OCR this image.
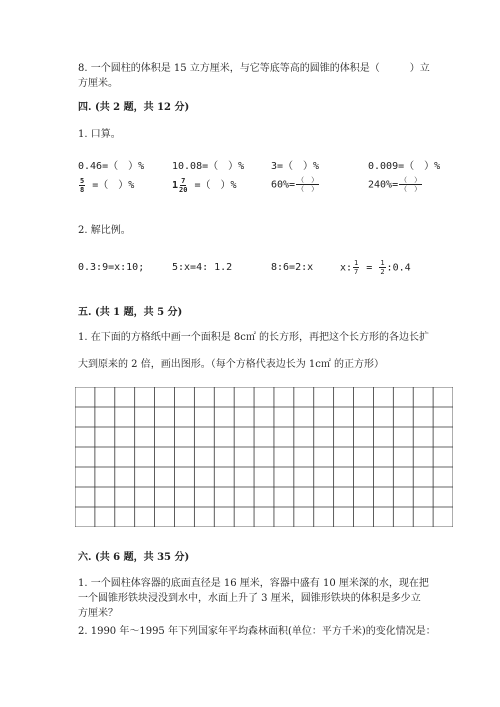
8. 一个圆柱的体积是 15 立方厘米，与它等底等高的圆锥的体积是（　　　）立
方厘米。
四. (共 2 题，共 12 分)
1. 口算。
0.46=（　）%	10.08=（　）%	3=（　）%	0.009=（　）%
$\frac{5}{8}$ =（　）%	$1 \frac{7}{20}$ =（　）%	$60\%= \frac{( )}{( )}$	$240\%= \frac{( )}{( )}$
2. 解比例。
0.3:9=x:10;	5:x=4: 1.2	8:6=2:x	x: $\frac{1}{7} = \frac{1}{2}$ :0.4
五. (共 1 题，共 5 分)
1. 在下面的方格纸中画一个面积是 8c㎡ 的长方形，再把这个长方形的各边长扩
大到原来的 2 倍，画出图形。（每个方格代表边长为 1c㎡ 的正方形）
六. (共 6 题，共 35 分)
1. 一个圆柱体容器的底面直径是 16 厘米，容器中盛有 10 厘米深的水，现在把
一个圆锥形铁块浸没到水中，水面上升了 3 厘米，圆锥形铁块的体积是多少立
方厘米？
2. 1990 年～1995 年下列国家年平均森林面积(单位：平方千米)的变化情况是：
